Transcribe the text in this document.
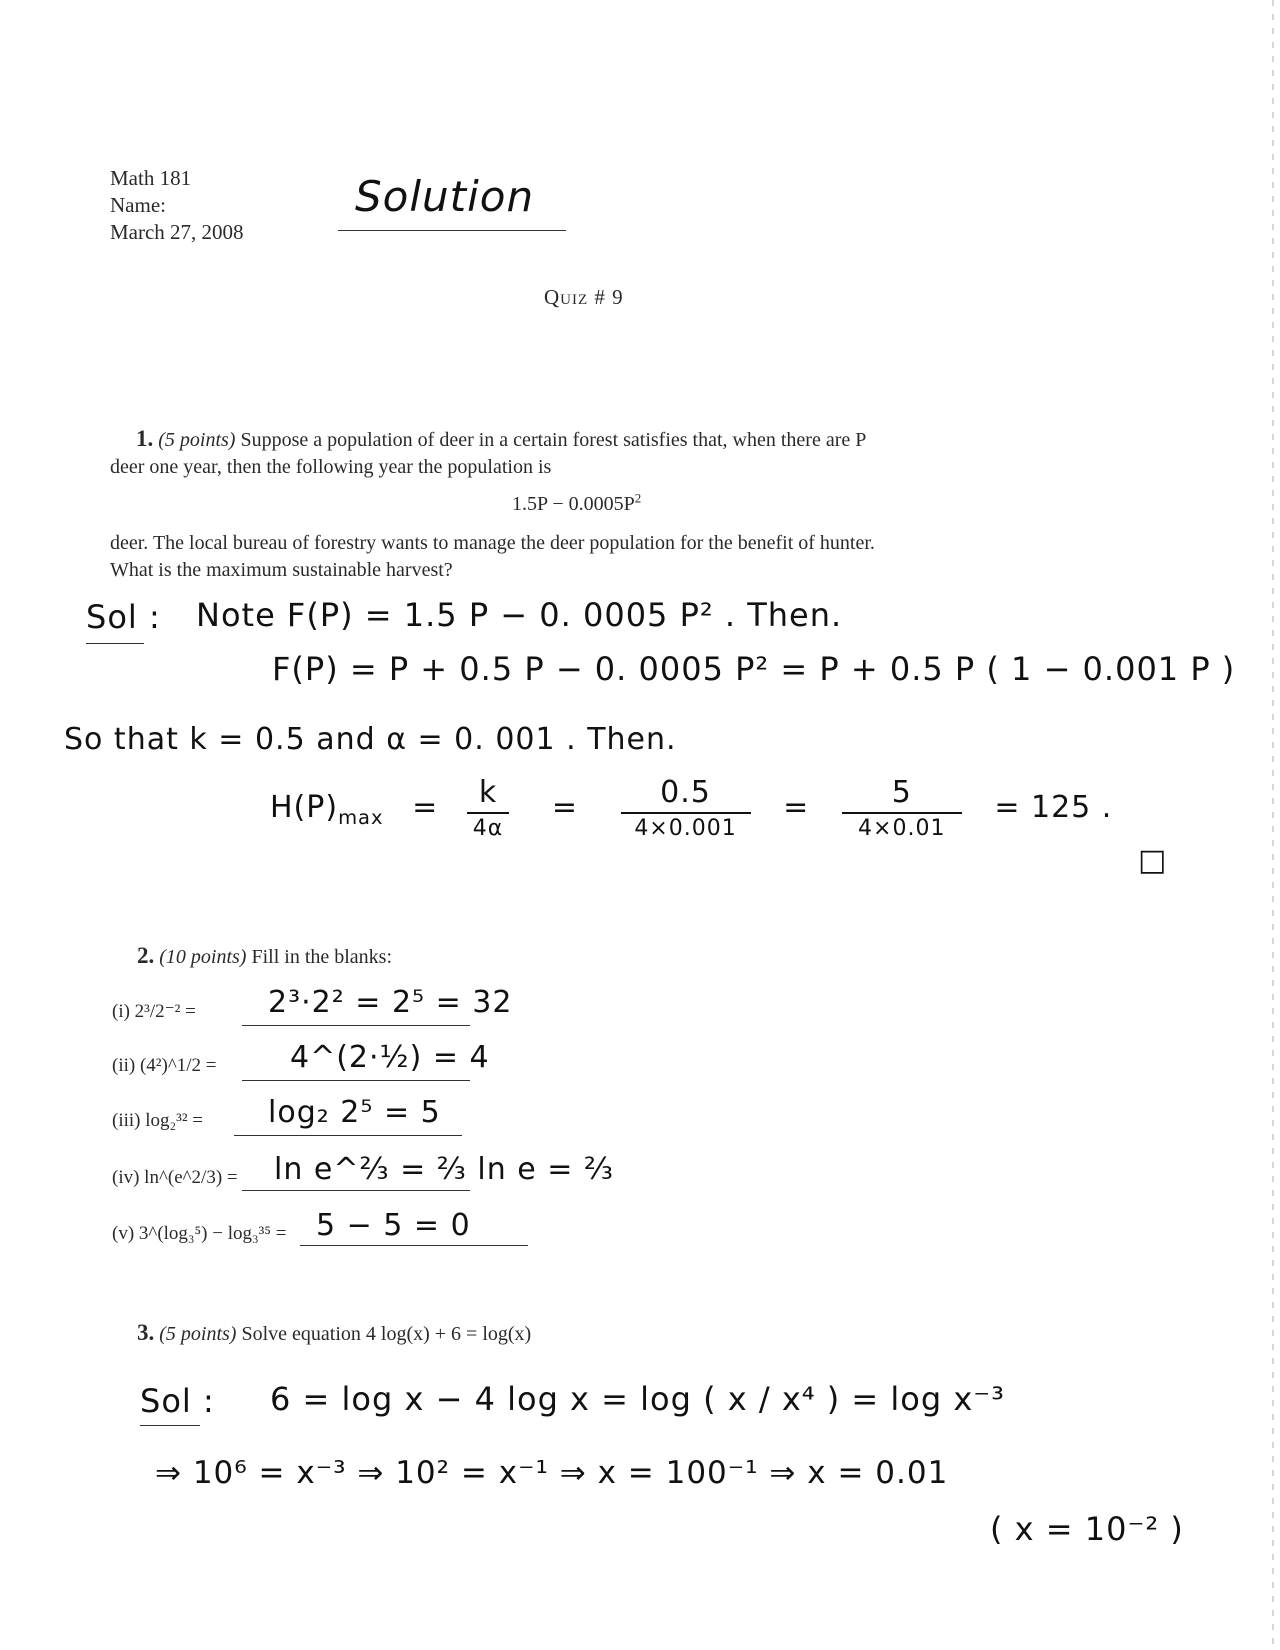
Math 181
Name:
March 27, 2008
Solution
Quiz # 9
1. (5 points) Suppose a population of deer in a certain forest satisfies that, when there are P
deer one year, then the following year the population is
$1.5P - 0.0005P^2$
deer. The local bureau of forestry wants to manage the deer population for the benefit of hunter.
What is the maximum sustainable harvest?
Sol : Note F(P) = 1.5 P − 0. 0005 P² . Then.
F(P) = P + 0.5 P − 0. 0005 P² = P + 0.5 P ( 1 − 0.001 P )
So that k = 0.5 and α = 0. 001 . Then.
$H(P)_{max} = \frac{k}{4\alpha} = \frac{0.5}{4\times 0.001} = \frac{5}{4\times 0.01} = 125$ .
□
2. (10 points) Fill in the blanks:
(i) 2³/2⁻² = 2³·2² = 2⁵ = 32
(ii) (4²)^1/2 = 4^(2·½) = 4
(iii) log₂³² = log₂ 2⁵ = 5
(iv) ln^(e^2/3) = ln e^⅔ = ⅔ ln e = ⅔
(v) 3^(log₃⁵) − log₃³⁵ = 5 − 5 = 0
3. (5 points) Solve equation 4 log(x) + 6 = log(x)
Sol : 6 = log x − 4 log x = log ( x / x⁴ ) = log x⁻³
⇒ 10⁶ = x⁻³ ⇒ 10² = x⁻¹ ⇒ x = 100⁻¹ ⇒ x = 0.01
( x = 10⁻² )
